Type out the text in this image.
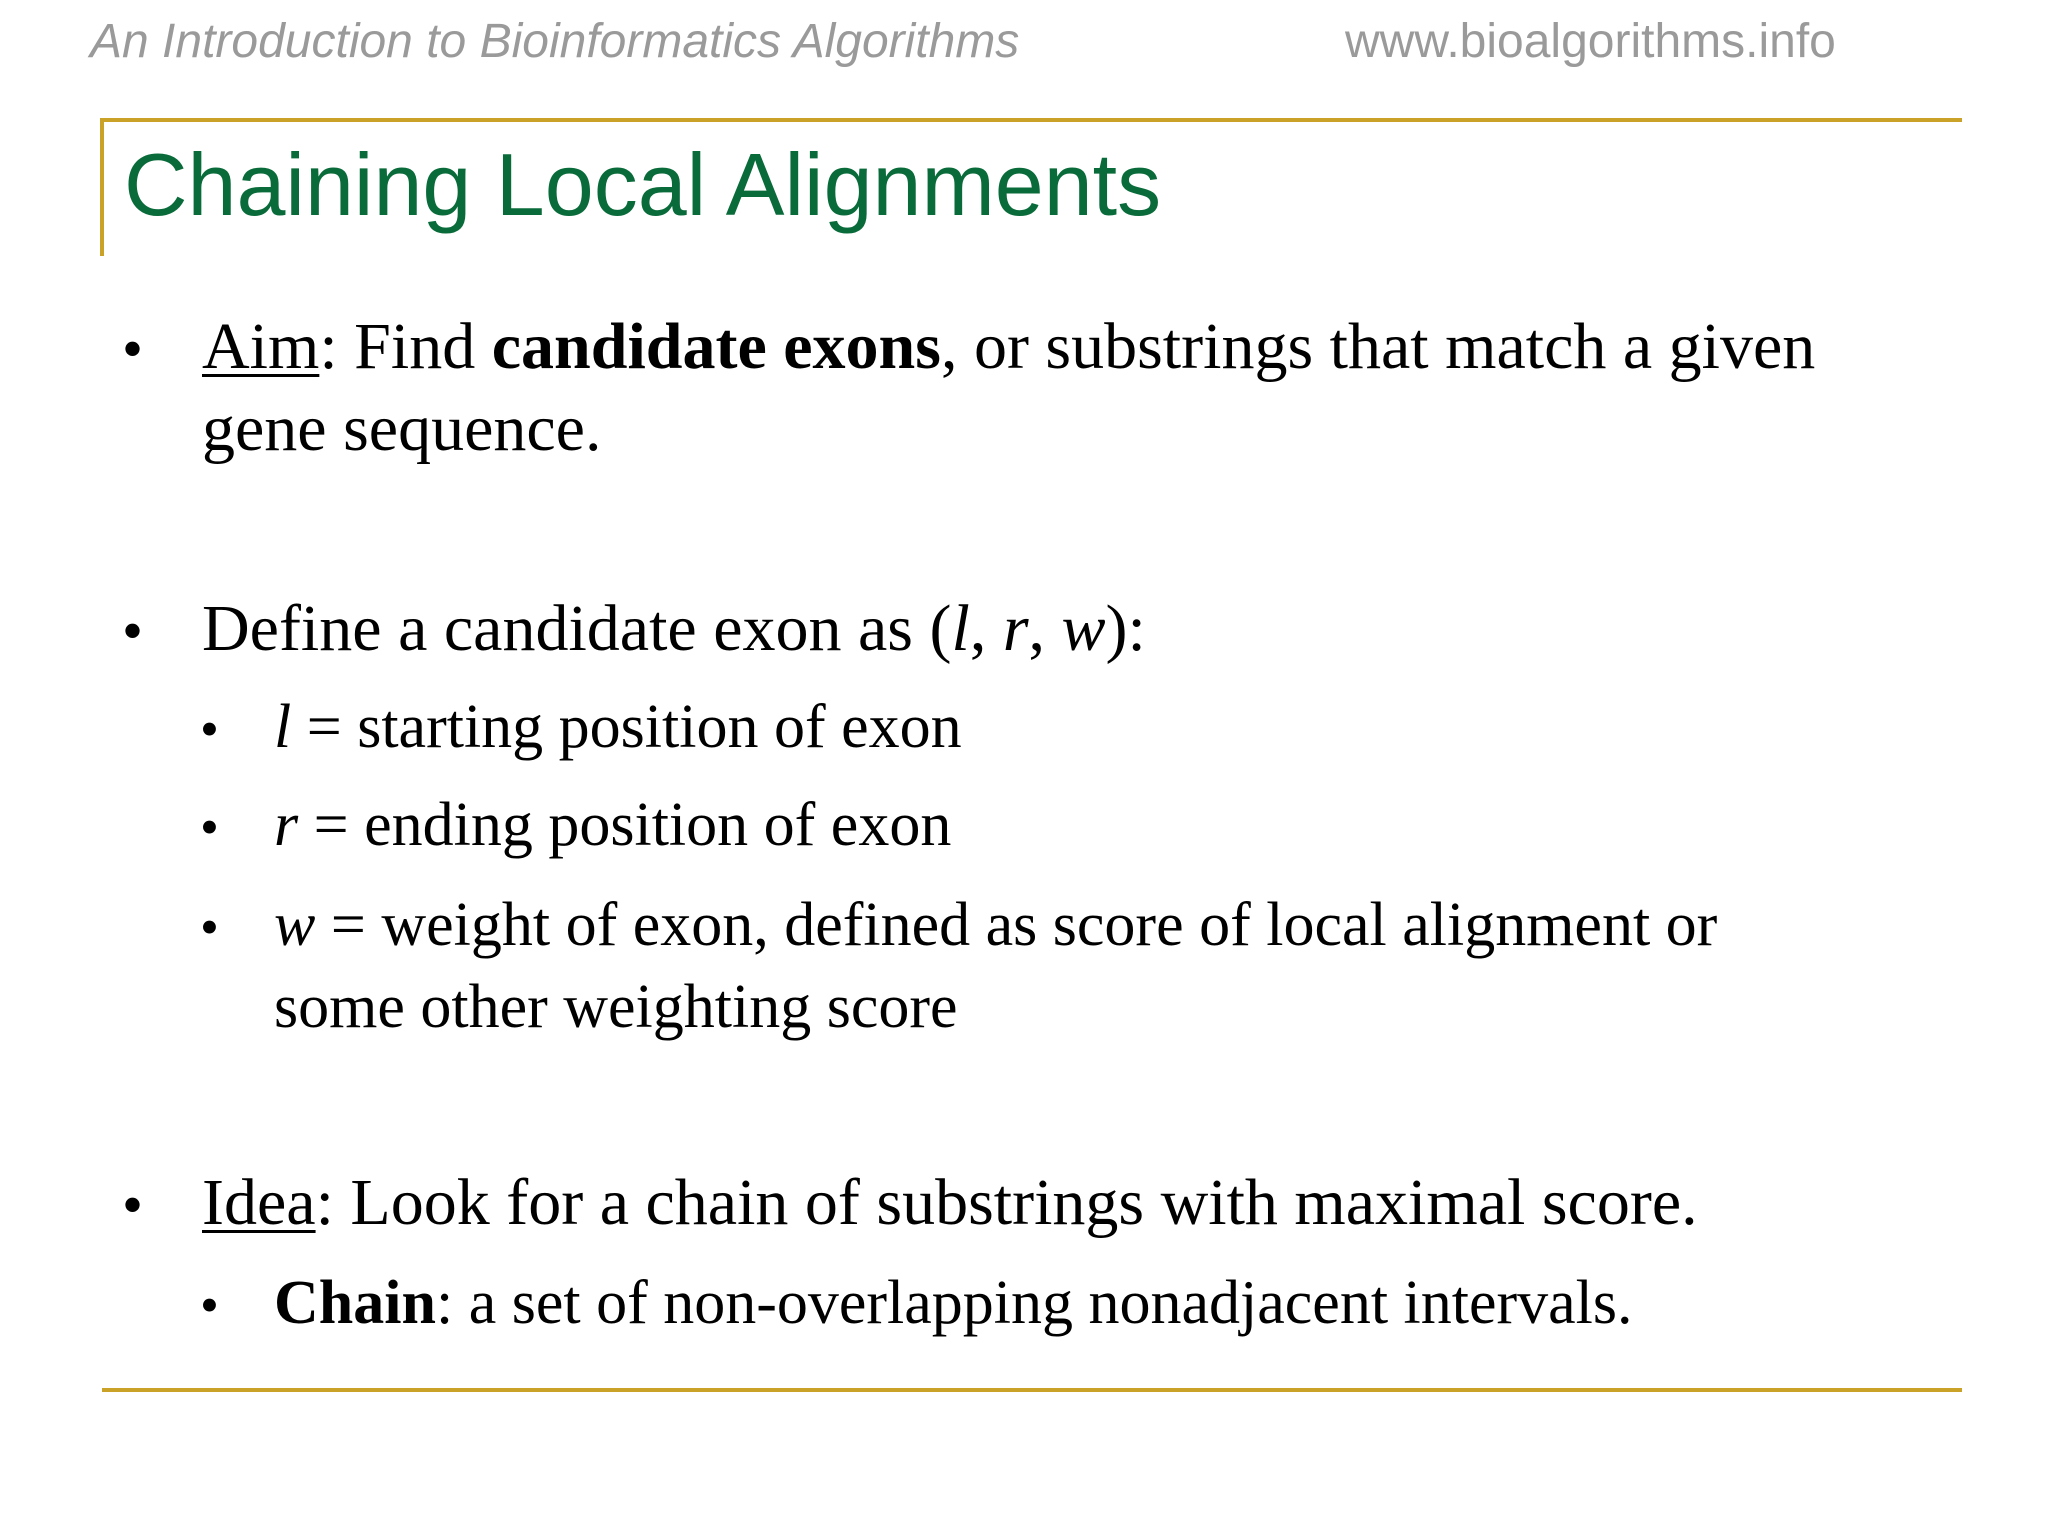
An Introduction to Bioinformatics Algorithms	www.bioalgorithms.info
Chaining Local Alignments
• Aim: Find candidate exons, or substrings that match a given
gene sequence.
• Define a candidate exon as (l, r, w):
• l = starting position of exon
• r = ending position of exon
• w = weight of exon, defined as score of local alignment or
some other weighting score
• Idea: Look for a chain of substrings with maximal score.
• Chain: a set of non-overlapping nonadjacent intervals.
